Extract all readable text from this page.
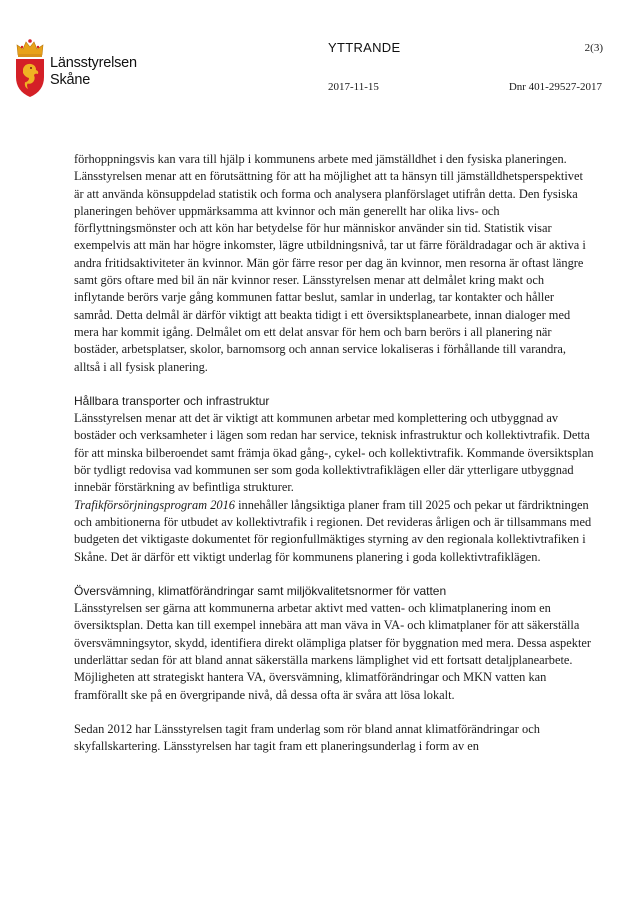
Länsstyrelsen
Skåne
YTTRANDE	2(3)
2017-11-15	Dnr 401-29527-2017

förhoppningsvis kan vara till hjälp i kommunens arbete med jämställdhet i den fysiska planeringen.

Länsstyrelsen menar att en förutsättning för att ha möjlighet att ta hänsyn till jämställdhetsperspektivet är att använda könsuppdelad statistik och forma och analysera planförslaget utifrån detta. Den fysiska planeringen behöver uppmärksamma att kvinnor och män generellt har olika livs- och förflyttningsmönster och att kön har betydelse för hur människor använder sin tid. Statistik visar exempelvis att män har högre inkomster, lägre utbildningsnivå, tar ut färre föräldradagar och är aktiva i andra fritidsaktiviteter än kvinnor. Män gör färre resor per dag än kvinnor, men resorna är oftast längre samt görs oftare med bil än när kvinnor reser. Länsstyrelsen menar att delmålet kring makt och inflytande berörs varje gång kommunen fattar beslut, samlar in underlag, tar kontakter och håller samråd. Detta delmål är därför viktigt att beakta tidigt i ett översiktsplanearbete, innan dialoger med mera har kommit igång. Delmålet om ett delat ansvar för hem och barn berörs i all planering när bostäder, arbetsplatser, skolor, barnomsorg och annan service lokaliseras i förhållande till varandra, alltså i all fysisk planering.

Hållbara transporter och infrastruktur

Länsstyrelsen menar att det är viktigt att kommunen arbetar med komplettering och utbyggnad av bostäder och verksamheter i lägen som redan har service, teknisk infrastruktur och kollektivtrafik. Detta för att minska bilberoendet samt främja ökad gång-, cykel- och kollektivtrafik. Kommande översiktsplan bör tydligt redovisa vad kommunen ser som goda kollektivtrafiklägen eller där ytterligare utbyggnad innebär förstärkning av befintliga strukturer.

Trafikförsörjningsprogram 2016 innehåller långsiktiga planer fram till 2025 och pekar ut färdriktningen och ambitionerna för utbudet av kollektivtrafik i regionen. Det revideras årligen och är tillsammans med budgeten det viktigaste dokumentet för regionfullmäktiges styrning av den regionala kollektivtrafiken i Skåne. Det är därför ett viktigt underlag för kommunens planering i goda kollektivtrafiklägen.

Översvämning, klimatförändringar samt miljökvalitetsnormer för vatten

Länsstyrelsen ser gärna att kommunerna arbetar aktivt med vatten- och klimatplanering inom en översiktsplan. Detta kan till exempel innebära att man väva in VA- och klimatplaner för att säkerställa översvämningsytor, skydd, identifiera direkt olämpliga platser för byggnation med mera. Dessa aspekter underlättar sedan för att bland annat säkerställa markens lämplighet vid ett fortsatt detaljplanearbete. Möjligheten att strategiskt hantera VA, översvämning, klimatförändringar och MKN vatten kan framförallt ske på en övergripande nivå, då dessa ofta är svåra att lösa lokalt.

Sedan 2012 har Länsstyrelsen tagit fram underlag som rör bland annat klimatförändringar och skyfallskartering. Länsstyrelsen har tagit fram ett planeringsunderlag i form av en
